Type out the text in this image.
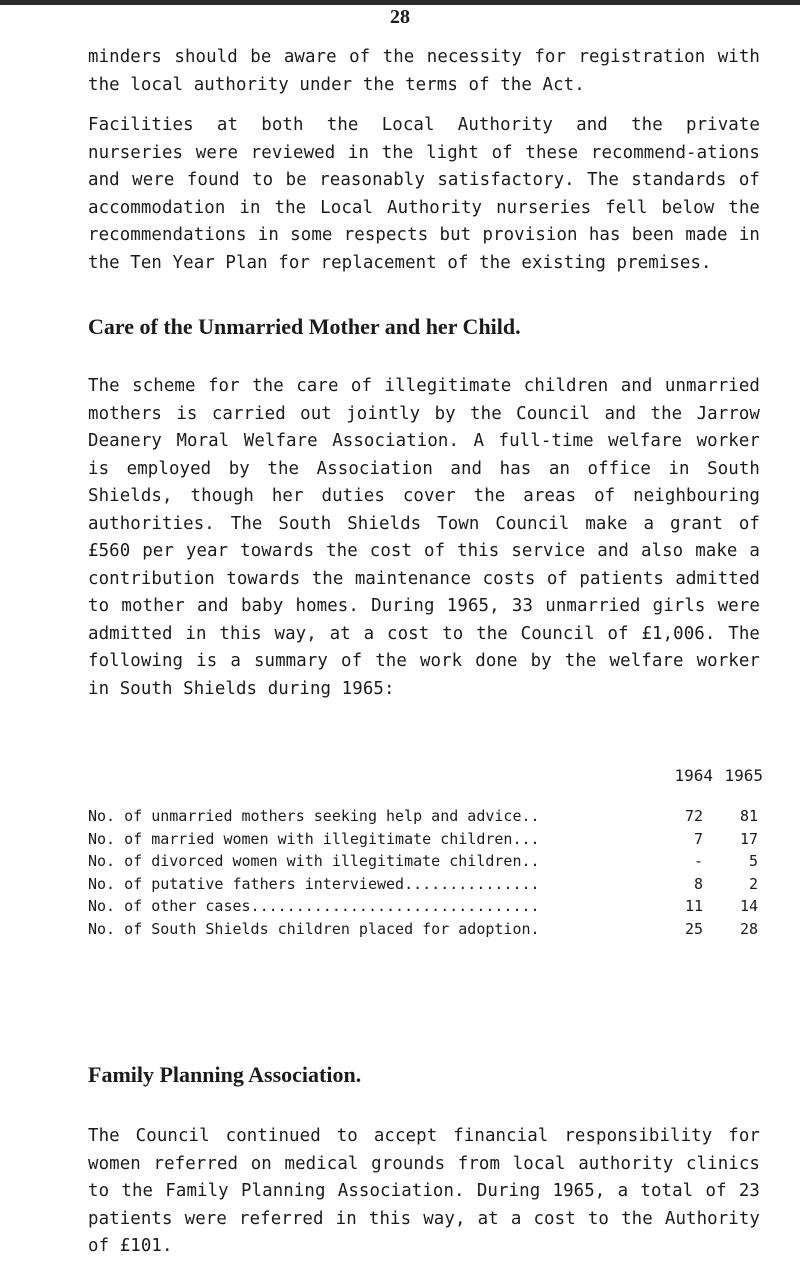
28

minders should be aware of the necessity for registration with the local authority under the terms of the Act.

Facilities at both the Local Authority and the private nurseries were reviewed in the light of these recommend-ations and were found to be reasonably satisfactory. The standards of accommodation in the Local Authority nurseries fell below the recommendations in some respects but provision has been made in the Ten Year Plan for replacement of the existing premises.

Care of the Unmarried Mother and her Child.

The scheme for the care of illegitimate children and unmarried mothers is carried out jointly by the Council and the Jarrow Deanery Moral Welfare Association. A full-time welfare worker is employed by the Association and has an office in South Shields, though her duties cover the areas of neighbouring authorities. The South Shields Town Council make a grant of £560 per year towards the cost of this service and also make a contribution towards the maintenance costs of patients admitted to mother and baby homes. During 1965, 33 unmarried girls were admitted in this way, at a cost to the Council of £1,006. The following is a summary of the work done by the welfare worker in South Shields during 1965:

1964 1965
No. of unmarried mothers seeking help and advice..	72	81
No. of married women with illegitimate children...	7	17
No. of divorced women with illegitimate children..	-	5
No. of putative fathers interviewed...............	8	2
No. of other cases................................	11	14
No. of South Shields children placed for adoption.	25	28
Family Planning Association.

The Council continued to accept financial responsibility for women referred on medical grounds from local authority clinics to the Family Planning Association. During 1965, a total of 23 patients were referred in this way, at a cost to the Authority of £101.
